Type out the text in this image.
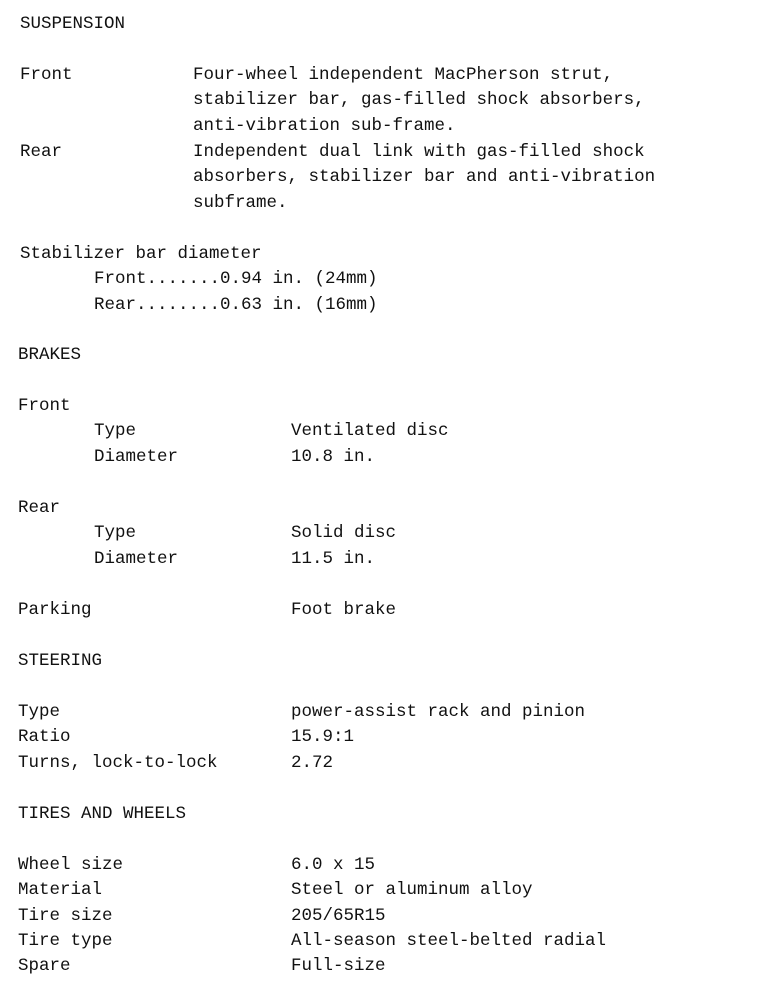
SUSPENSION
Front	Four-wheel independent MacPherson strut,
stabilizer bar, gas-filled shock absorbers,
anti-vibration sub-frame.
Rear	Independent dual link with gas-filled shock
absorbers, stabilizer bar and anti-vibration
subframe.
Stabilizer bar diameter
Front.......0.94 in. (24mm)
Rear........0.63 in. (16mm)
BRAKES
Front
Type	Ventilated disc
Diameter	10.8 in.
Rear
Type	Solid disc
Diameter	11.5 in.
Parking	Foot brake
STEERING
Type	power-assist rack and pinion
Ratio	15.9:1
Turns, lock-to-lock	2.72
TIRES AND WHEELS
Wheel size	6.0 x 15
Material	Steel or aluminum alloy
Tire size	205/65R15
Tire type	All-season steel-belted radial
Spare	Full-size
